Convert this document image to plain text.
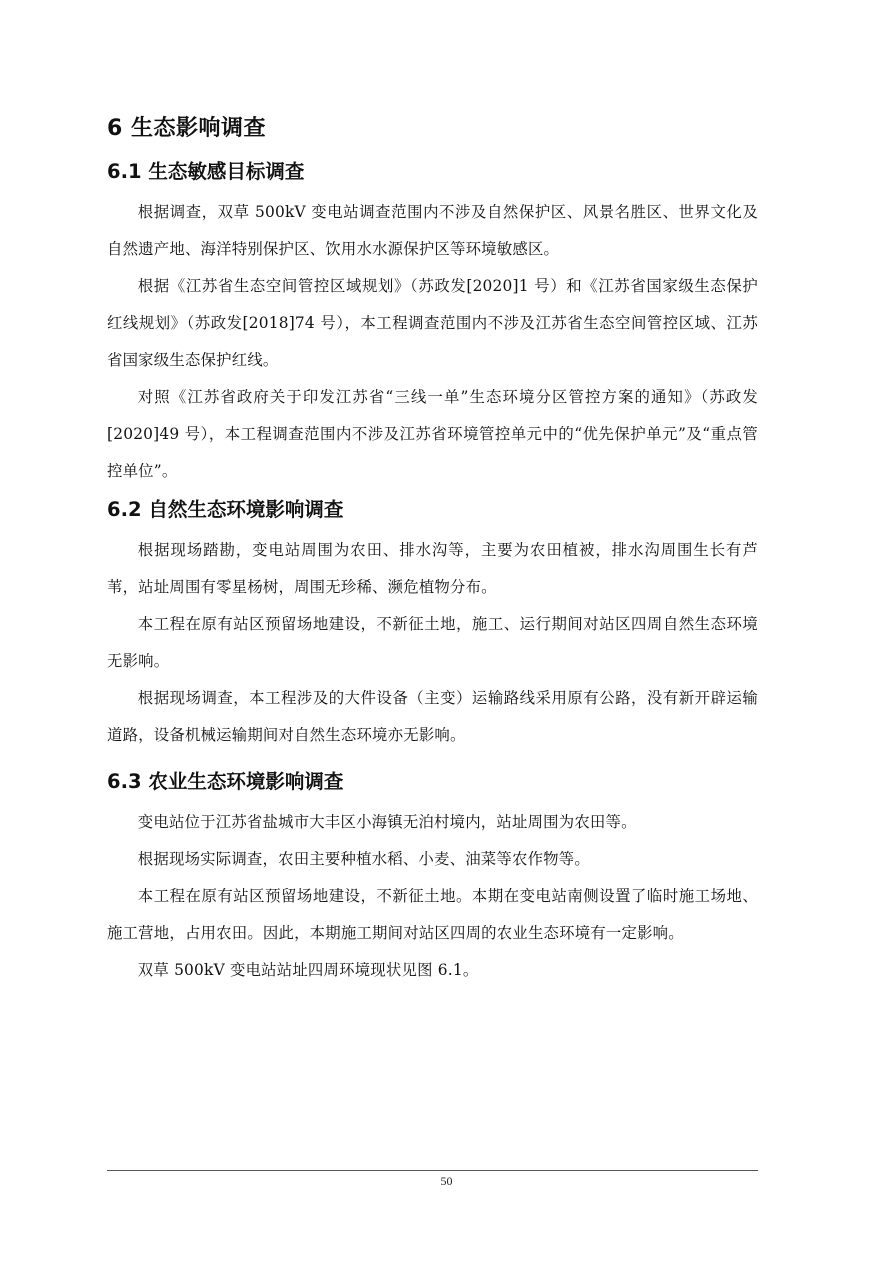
6 生态影响调查
6.1 生态敏感目标调查

根据调查，双草 500kV 变电站调查范围内不涉及自然保护区、风景名胜区、世界文化及自然遗产地、海洋特别保护区、饮用水水源保护区等环境敏感区。

根据《江苏省生态空间管控区域规划》（苏政发[2020]1 号）和《江苏省国家级生态保护红线规划》（苏政发[2018]74 号），本工程调查范围内不涉及江苏省生态空间管控区域、江苏省国家级生态保护红线。

对照《江苏省政府关于印发江苏省“三线一单”生态环境分区管控方案的通知》（苏政发[2020]49 号），本工程调查范围内不涉及江苏省环境管控单元中的“优先保护单元”及“重点管控单位”。

6.2 自然生态环境影响调查

根据现场踏勘，变电站周围为农田、排水沟等，主要为农田植被，排水沟周围生长有芦苇，站址周围有零星杨树，周围无珍稀、濒危植物分布。

本工程在原有站区预留场地建设，不新征土地，施工、运行期间对站区四周自然生态环境无影响。

根据现场调查，本工程涉及的大件设备（主变）运输路线采用原有公路，没有新开辟运输道路，设备机械运输期间对自然生态环境亦无影响。

6.3 农业生态环境影响调查

变电站位于江苏省盐城市大丰区小海镇无泊村境内，站址周围为农田等。

根据现场实际调查，农田主要种植水稻、小麦、油菜等农作物等。

本工程在原有站区预留场地建设，不新征土地。本期在变电站南侧设置了临时施工场地、施工营地，占用农田。因此，本期施工期间对站区四周的农业生态环境有一定影响。

双草 500kV 变电站站址四周环境现状见图 6.1。

50
